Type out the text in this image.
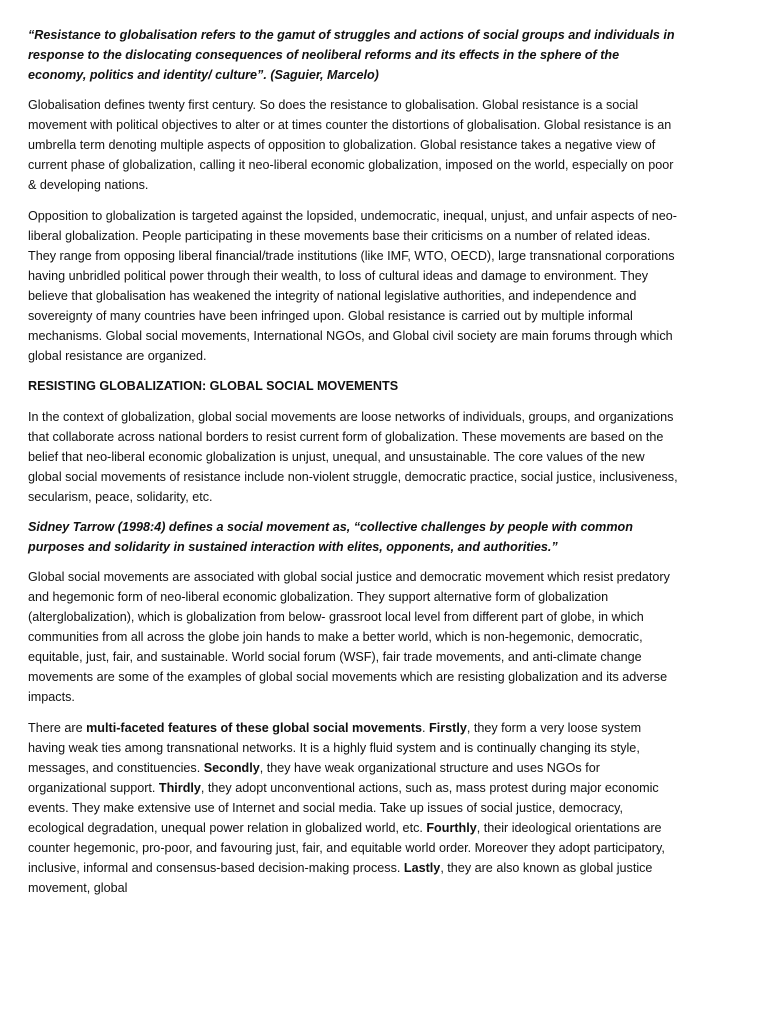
“Resistance to globalisation refers to the gamut of struggles and actions of social groups and individuals in response to the dislocating consequences of neoliberal reforms and its effects in the sphere of the economy, politics and identity/ culture”. (Saguier, Marcelo)

Globalisation defines twenty first century. So does the resistance to globalisation. Global resistance is a social movement with political objectives to alter or at times counter the distortions of globalisation. Global resistance is an umbrella term denoting multiple aspects of opposition to globalization. Global resistance takes a negative view of current phase of globalization, calling it neo-liberal economic globalization, imposed on the world, especially on poor & developing nations.

Opposition to globalization is targeted against the lopsided, undemocratic, inequal, unjust, and unfair aspects of neo-liberal globalization. People participating in these movements base their criticisms on a number of related ideas. They range from opposing liberal financial/trade institutions (like IMF, WTO, OECD), large transnational corporations having unbridled political power through their wealth, to loss of cultural ideas and damage to environment. They believe that globalisation has weakened the integrity of national legislative authorities, and independence and sovereignty of many countries have been infringed upon. Global resistance is carried out by multiple informal mechanisms. Global social movements, International NGOs, and Global civil society are main forums through which global resistance are organized.

RESISTING GLOBALIZATION: GLOBAL SOCIAL MOVEMENTS

In the context of globalization, global social movements are loose networks of individuals, groups, and organizations that collaborate across national borders to resist current form of globalization. These movements are based on the belief that neo-liberal economic globalization is unjust, unequal, and unsustainable. The core values of the new global social movements of resistance include non-violent struggle, democratic practice, social justice, inclusiveness, secularism, peace, solidarity, etc.

Sidney Tarrow (1998:4) defines a social movement as, “collective challenges by people with common purposes and solidarity in sustained interaction with elites, opponents, and authorities.”

Global social movements are associated with global social justice and democratic movement which resist predatory and hegemonic form of neo-liberal economic globalization. They support alternative form of globalization (alterglobalization), which is globalization from below- grassroot local level from different part of globe, in which communities from all across the globe join hands to make a better world, which is non-hegemonic, democratic, equitable, just, fair, and sustainable. World social forum (WSF), fair trade movements, and anti-climate change movements are some of the examples of global social movements which are resisting globalization and its adverse impacts.

There are multi-faceted features of these global social movements. Firstly, they form a very loose system having weak ties among transnational networks. It is a highly fluid system and is continually changing its style, messages, and constituencies. Secondly, they have weak organizational structure and uses NGOs for organizational support. Thirdly, they adopt unconventional actions, such as, mass protest during major economic events. They make extensive use of Internet and social media. Take up issues of social justice, democracy, ecological degradation, unequal power relation in globalized world, etc. Fourthly, their ideological orientations are counter hegemonic, pro-poor, and favouring just, fair, and equitable world order. Moreover they adopt participatory, inclusive, informal and consensus-based decision-making process. Lastly, they are also known as global justice movement, global
